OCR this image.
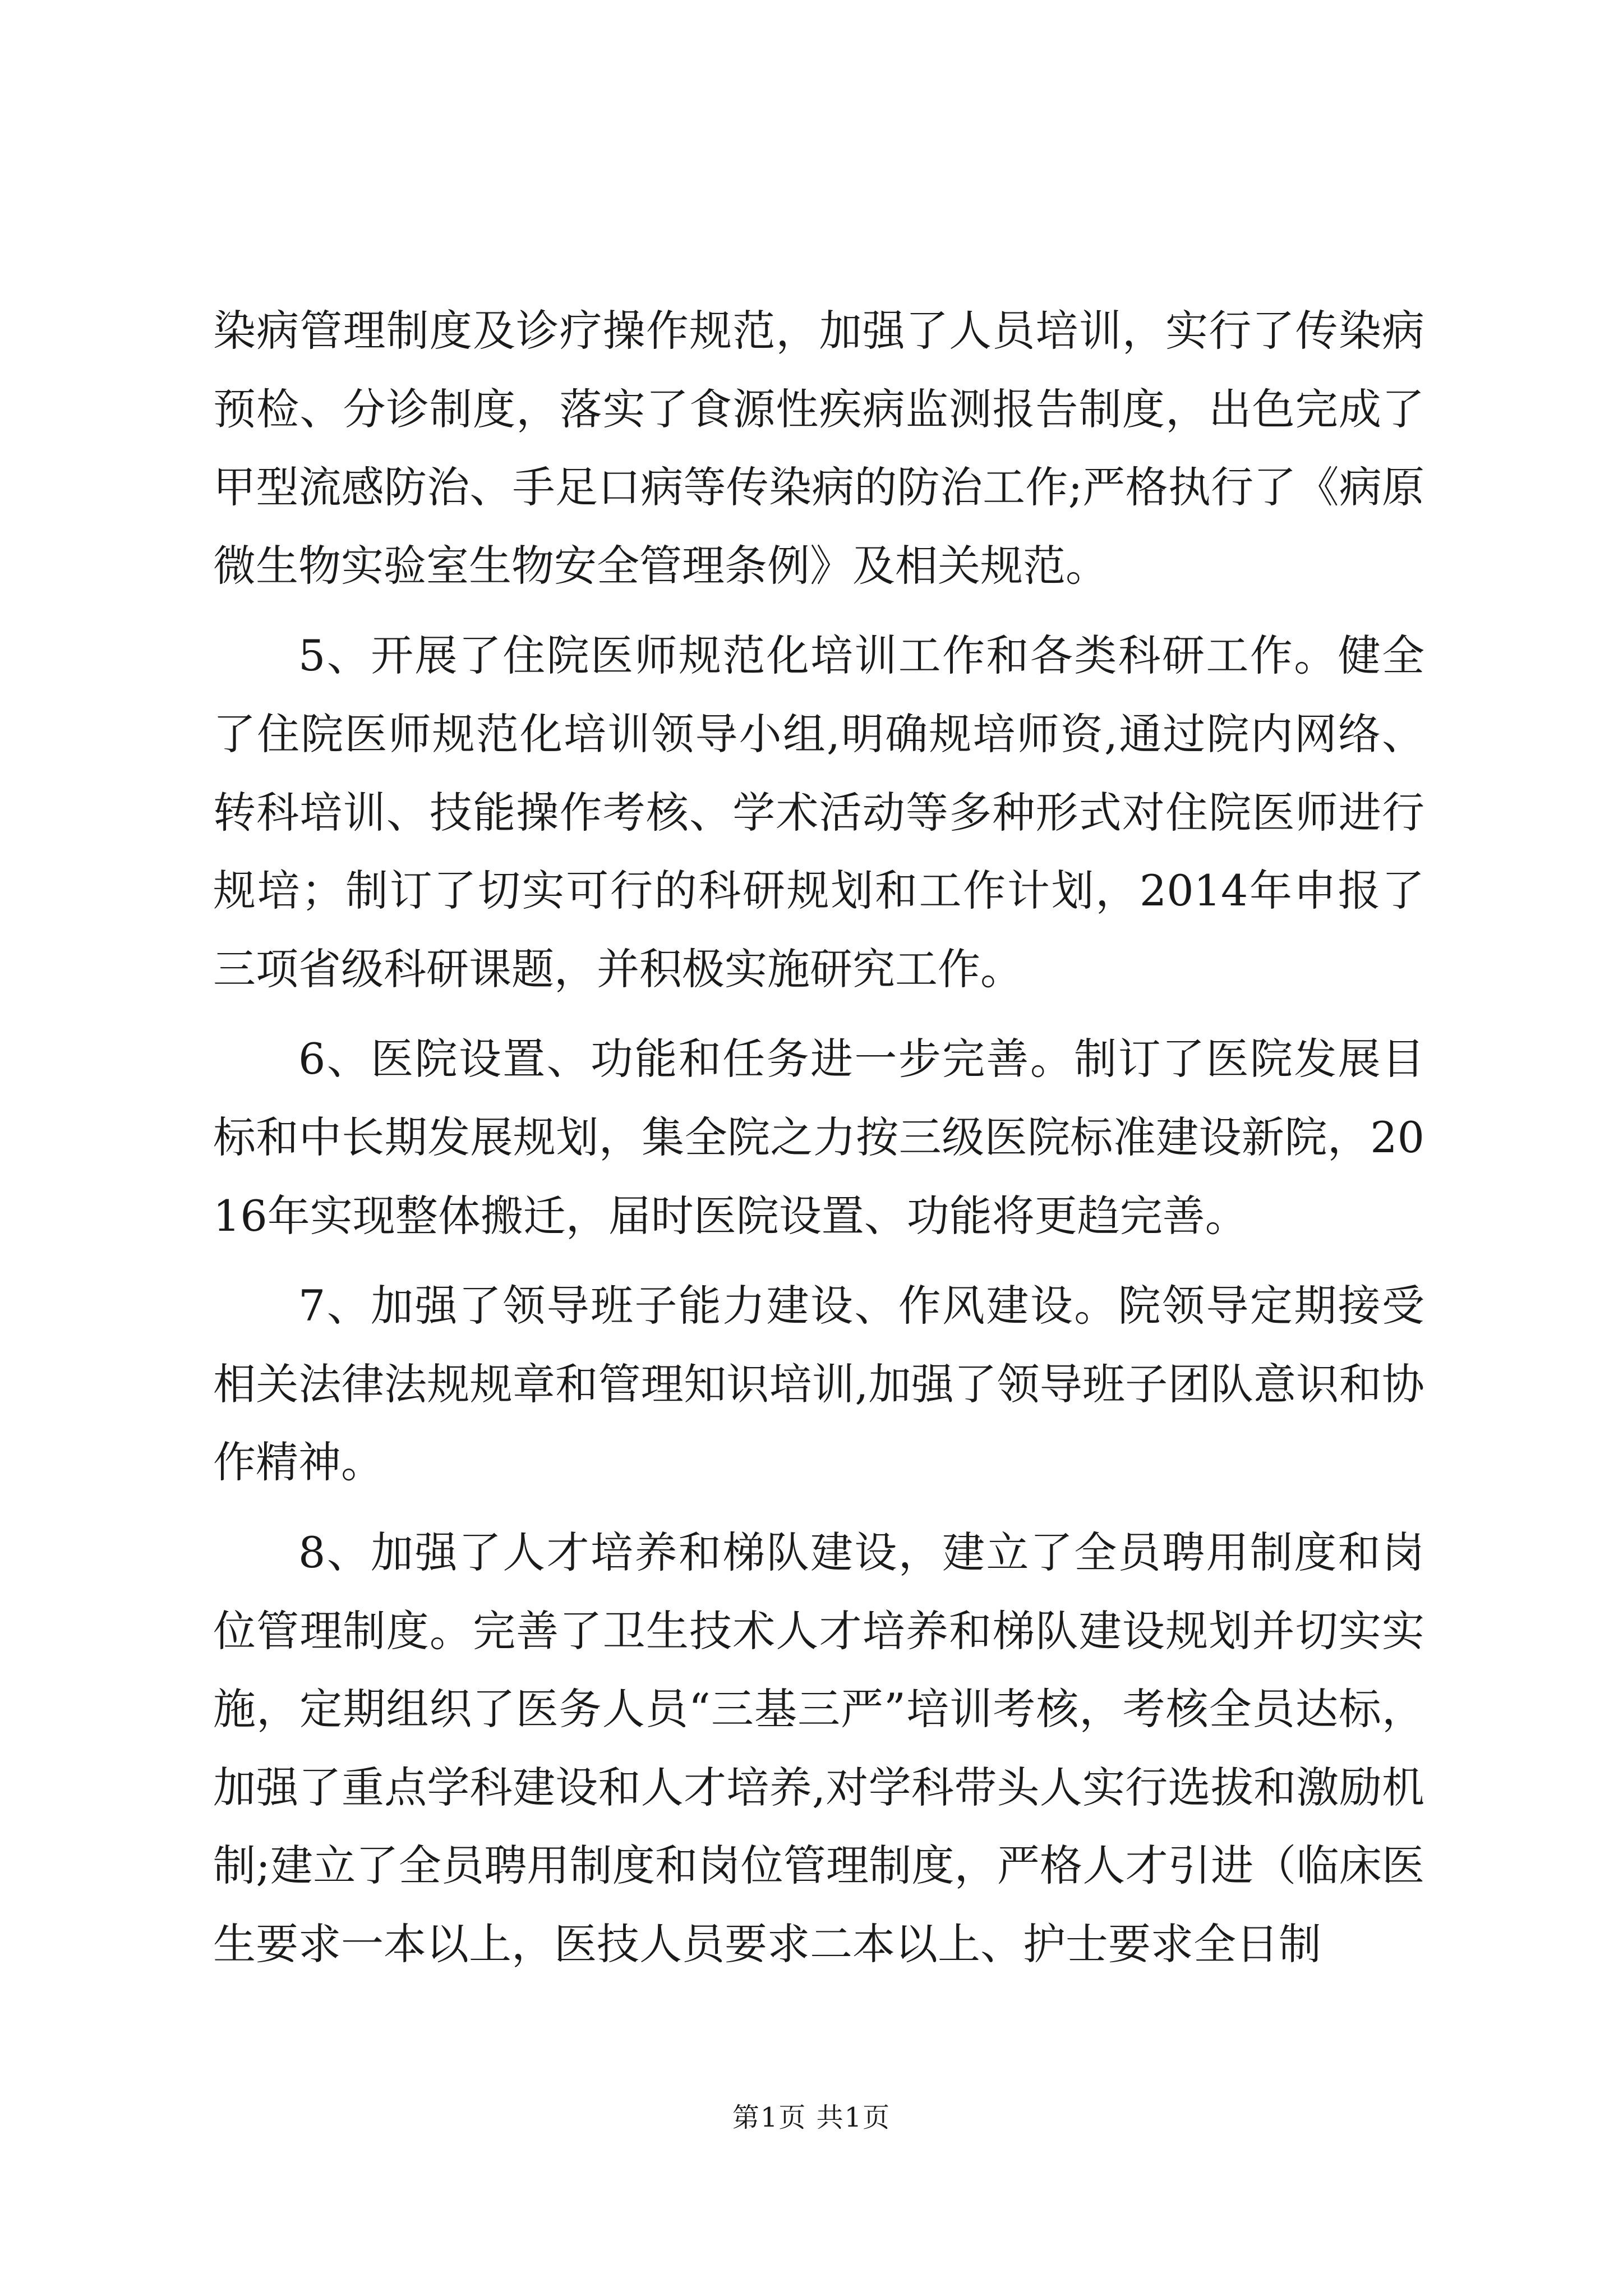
染病管理制度及诊疗操作规范，加强了人员培训，实行了传染病预检、分诊制度，落实了食源性疾病监测报告制度，出色完成了甲型流感防治、手足口病等传染病的防治工作;严格执行了《病原微生物实验室生物安全管理条例》及相关规范。

5、开展了住院医师规范化培训工作和各类科研工作。健全了住院医师规范化培训领导小组,明确规培师资,通过院内网络、转科培训、技能操作考核、学术活动等多种形式对住院医师进行规培；制订了切实可行的科研规划和工作计划，2014年申报了三项省级科研课题，并积极实施研究工作。

6、医院设置、功能和任务进一步完善。制订了医院发展目标和中长期发展规划，集全院之力按三级医院标准建设新院，2016年实现整体搬迁，届时医院设置、功能将更趋完善。

7、加强了领导班子能力建设、作风建设。院领导定期接受相关法律法规规章和管理知识培训,加强了领导班子团队意识和协作精神。

8、加强了人才培养和梯队建设，建立了全员聘用制度和岗位管理制度。完善了卫生技术人才培养和梯队建设规划并切实实施，定期组织了医务人员“三基三严”培训考核，考核全员达标，加强了重点学科建设和人才培养,对学科带头人实行选拔和激励机制;建立了全员聘用制度和岗位管理制度，严格人才引进（临床医生要求一本以上，医技人员要求二本以上、护士要求全日制

第1页 共1页
